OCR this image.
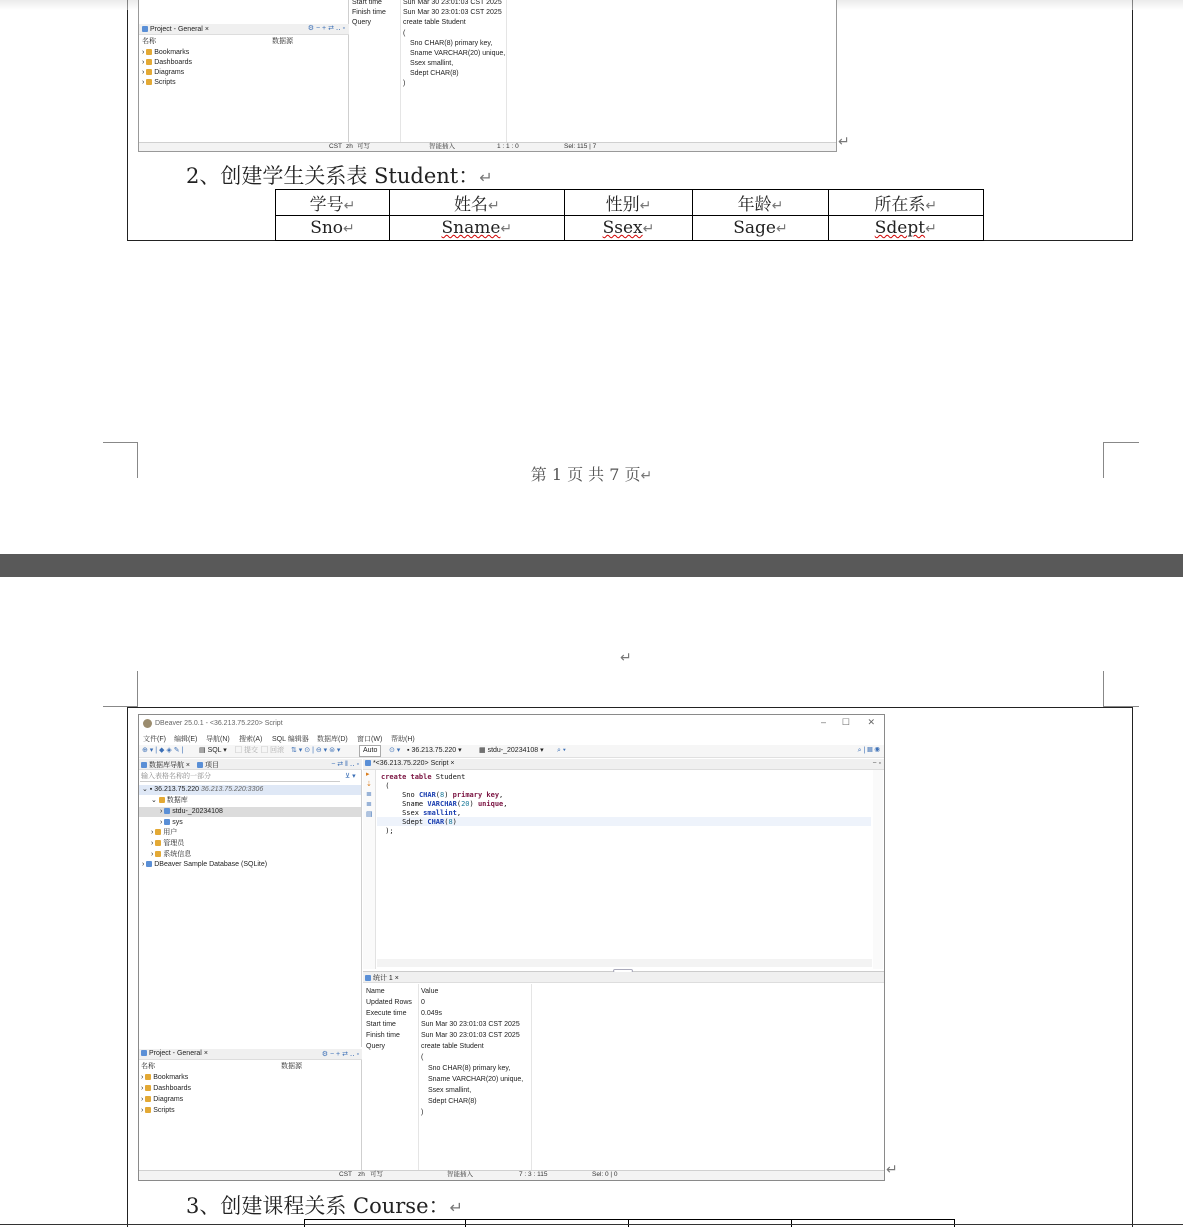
Project - General ×	⚙ − + ⇄ ‥ ▫
名称	数据源
›  Bookmarks
›  Dashboards
›  Diagrams
›  Scripts
Start time	Sun Mar 30 23:01:03 CST 2025
Finish time Sun Mar 30 23:01:03 CST 2025
Query	create table Student
(
Sno CHAR(8) primary key,
Sname VARCHAR(20) unique,
Ssex smallint,
Sdept CHAR(8)
)
CST zh 可写	智能插入	1 : 1 : 0	Sel: 115 | 7	↵
2、创建学生关系表 Student：↵
学号↵	姓名↵	性别↵	年龄↵	所在系↵
Sno↵	Sname↵	Ssex↵	Sage↵	Sdept↵
第 1 页 共 7 页↵
↵
DBeaver 25.0.1 - <36.213.75.220> Script	– ☐ ✕
文件(F) 编辑(E) 导航(N) 搜索(A) SQL 编辑器 数据库(D) 窗口(W) 帮助(H)
⊕ ▾ | ◆ ◈ ✎ | ▤ SQL ▾ ▢ 提交 ▢ 回滚 ⇅ ▾ ⊙ | ⊖ ▾ ⊜ ▾	Auto	⊙ ▾ ▪ 36.213.75.220 ▾ ▦ stdu-_20234108 ▾ ⌕ ▾	⌕ | ▦ ◉
数据库导航 ×	项目	− ⇄ ‖ ‥ ▫
输入表格名称的一部分	⊻ ▾
⌄ ▪ 36.213.75.220 36.213.75.220:3306
⌄  数据库
›  stdu-_20234108
›  sys
›  用户
›  管理员
›  系统信息
›  DBeaver Sample Database (SQLite)
Project - General ×	⚙ − + ⇄ ‥ ▫
名称	数据源
›  Bookmarks
›  Dashboards
›  Diagrams
›  Scripts
*<36.213.75.220> Script ×	− ▫
▸
⇣
≣
≣
▤
create table Student
(
Sno CHAR(8) primary key,
Sname VARCHAR(20) unique,
Ssex smallint,
Sdept CHAR(8)
);
统计 1 ×
Name	Value
Updated Rows 0
Execute time 0.049s
Start time	Sun Mar 30 23:01:03 CST 2025
Finish time	Sun Mar 30 23:01:03 CST 2025
Query	create table Student
(
Sno CHAR(8) primary key,
Sname VARCHAR(20) unique,
Ssex smallint,
Sdept CHAR(8)
)
CST zh 可写	智能插入	7 : 3 : 115	Sel: 0 | 0	↵
3、创建课程关系 Course：↵
